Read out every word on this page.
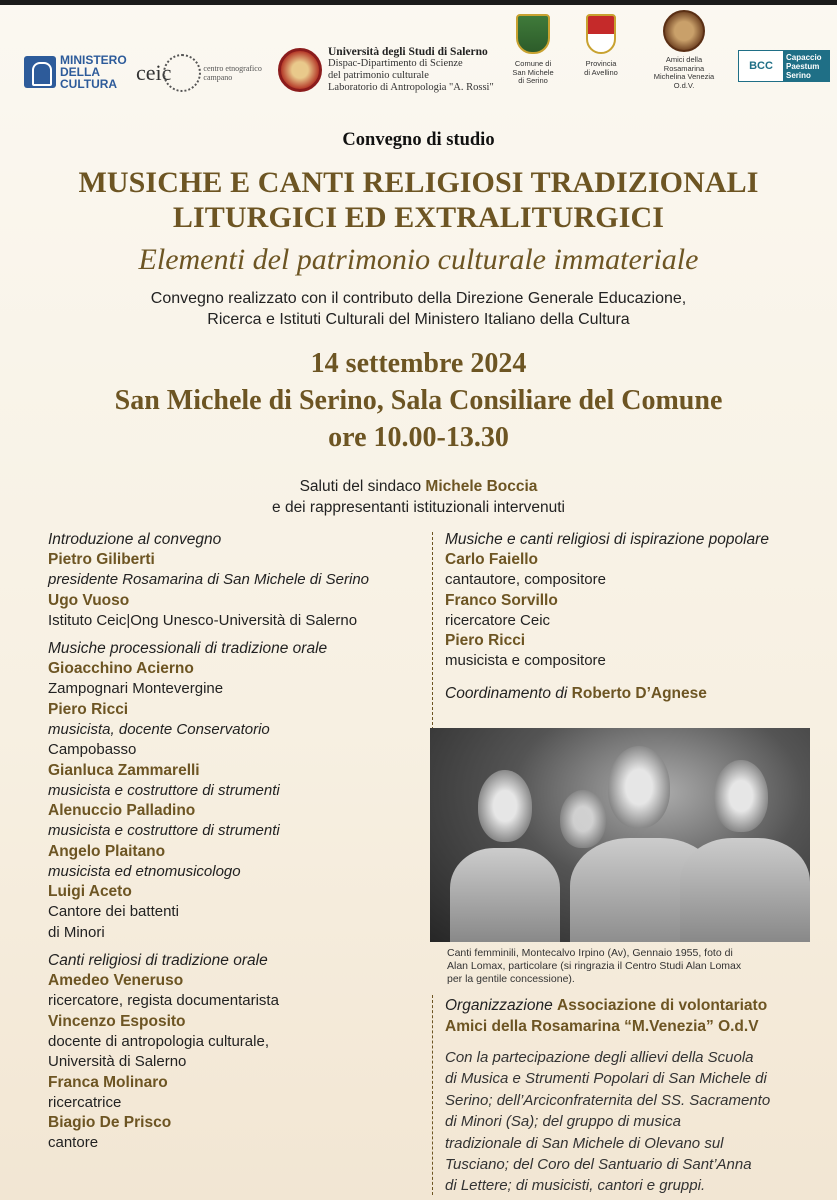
MINISTERO
DELLA
CULTURA ceic	centro etnografico campano
Università degli Studi di Salerno
Dispac-Dipartimento di Scienze
del patrimonio culturale
Laboratorio di Antropologia "A. Rossi"
Comune di
San Michele
di Serino
Provincia
di Avellino
Amici della
Rosamarina
Michelina Venezia
O.d.V.
BCC
Capaccio
Paestum
Serino
Convegno di studio
MUSICHE E CANTI RELIGIOSI TRADIZIONALI
LITURGICI ED EXTRALITURGICI
Elementi del patrimonio culturale immateriale
Convegno realizzato con il contributo della Direzione Generale Educazione,
Ricerca e Istituti Culturali del Ministero Italiano della Cultura
14 settembre 2024
San Michele di Serino, Sala Consiliare del Comune
ore 10.00-13.30
Saluti del sindaco Michele Boccia
e dei rappresentanti istituzionali intervenuti
Introduzione al convegno
Pietro Giliberti
presidente Rosamarina di San Michele di Serino
Ugo Vuoso
Istituto Ceic|Ong Unesco-Università di Salerno
Musiche processionali di tradizione orale
Gioacchino Acierno
Zampognari Montevergine
Piero Ricci
musicista, docente Conservatorio
Campobasso
Gianluca Zammarelli
musicista e costruttore di strumenti
Alenuccio Palladino
musicista e costruttore di strumenti
Angelo Plaitano
musicista ed etnomusicologo
Luigi Aceto
Cantore dei battenti
di Minori
Canti religiosi di tradizione orale
Amedeo Veneruso
ricercatore, regista documentarista
Vincenzo Esposito
docente di antropologia culturale,
Università di Salerno
Franca Molinaro
ricercatrice
Biagio De Prisco
cantore
Musiche e canti religiosi di ispirazione popolare
Carlo Faiello
cantautore, compositore
Franco Sorvillo
ricercatore Ceic
Piero Ricci
musicista e compositore
Coordinamento di Roberto D’Agnese
Canti femminili, Montecalvo Irpino (Av), Gennaio 1955, foto di
Alan Lomax, particolare (si ringrazia il Centro Studi Alan Lomax
per la gentile concessione).
Organizzazione Associazione di volontariato
Amici della Rosamarina “M.Venezia” O.d.V
Con la partecipazione degli allievi della Scuola
di Musica e Strumenti Popolari di San Michele di
Serino; dell’Arciconfraternita del SS. Sacramento
di Minori (Sa); del gruppo di musica
tradizionale di San Michele di Olevano sul
Tusciano; del Coro del Santuario di Sant’Anna
di Lettere; di musicisti, cantori e gruppi.
